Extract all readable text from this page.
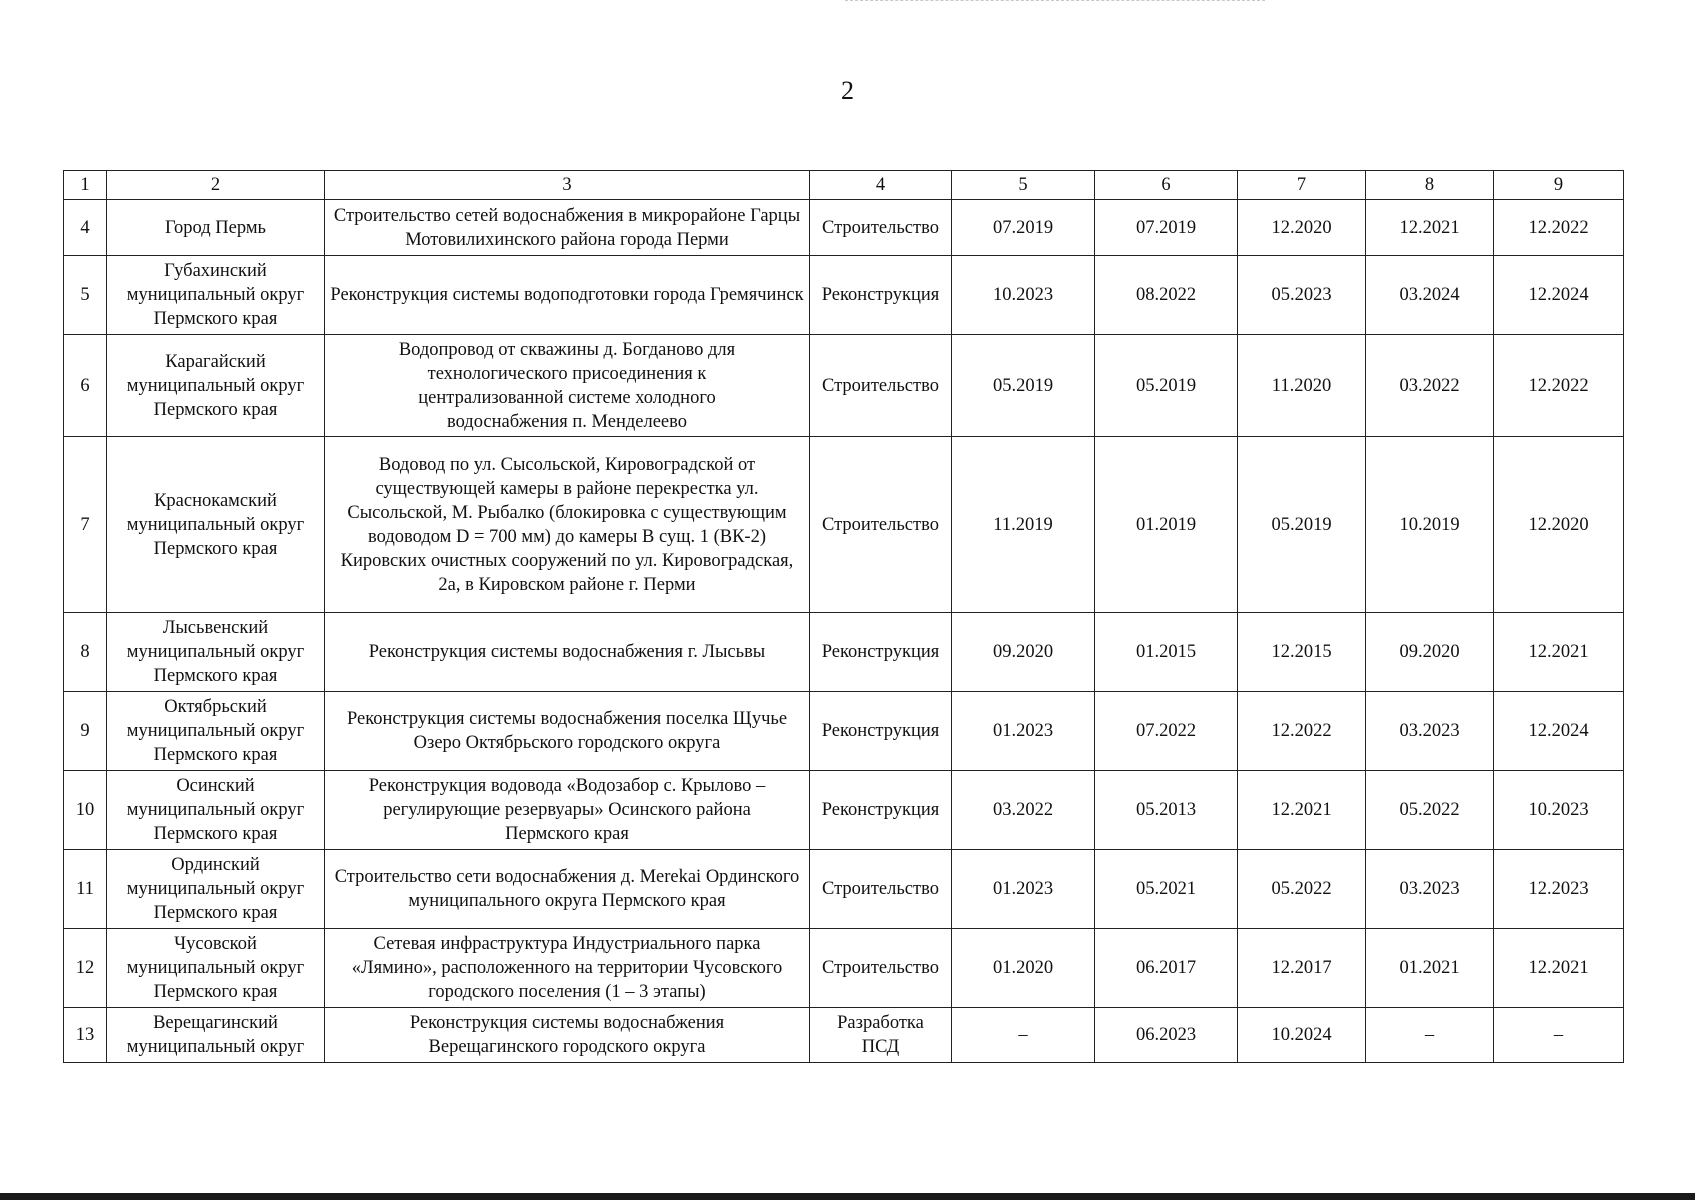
2
1	2	3	4	5	6	7	8	9
4	Город Пермь	Строительство сетей водоснабжения в микрорайоне Гарцы Мотовилихинского района города Перми	Строительство	07.2019	07.2019	12.2020	12.2021	12.2022
5	Губахинский муниципальный округ Пермского края	Реконструкция системы водоподготовки города Гремячинск	Реконструкция	10.2023	08.2022	05.2023	03.2024	12.2024
6	Карагайский муниципальный округ Пермского края	Водопровод от скважины д. Богданово для технологического присоединения к централизованной системе холодного водоснабжения п. Менделеево	Строительство	05.2019	05.2019	11.2020	03.2022	12.2022
7	Краснокамский муниципальный округ Пермского края	Водовод по ул. Сысольской, Кировоградской от существующей камеры в районе перекрестка ул. Сысольской, М. Рыбалко (блокировка с существующим водоводом D = 700 мм) до камеры В сущ. 1 (ВК-2) Кировских очистных сооружений по ул. Кировоградская, 2а, в Кировском районе г. Перми	Строительство	11.2019	01.2019	05.2019	10.2019	12.2020
8	Лысьвенский муниципальный округ Пермского края	Реконструкция системы водоснабжения г. Лысьвы	Реконструкция	09.2020	01.2015	12.2015	09.2020	12.2021
9	Октябрьский муниципальный округ Пермского края	Реконструкция системы водоснабжения поселка Щучье Озеро Октябрьского городского округа	Реконструкция	01.2023	07.2022	12.2022	03.2023	12.2024
10	Осинский муниципальный округ Пермского края	Реконструкция водовода «Водозабор с. Крылово – регулирующие резервуары» Осинского района Пермского края	Реконструкция	03.2022	05.2013	12.2021	05.2022	10.2023
11	Ординский муниципальный округ Пермского края	Строительство сети водоснабжения д. Merekai Ординского муниципального округа Пермского края	Строительство	01.2023	05.2021	05.2022	03.2023	12.2023
12	Чусовской муниципальный округ Пермского края	Сетевая инфраструктура Индустриального парка «Лямино», расположенного на территории Чусовского городского поселения (1 – 3 этапы)	Строительство	01.2020	06.2017	12.2017	01.2021	12.2021
13	Верещагинский муниципальный округ	Реконструкция системы водоснабжения Верещагинского городского округа	Разработка ПСД	–	06.2023	10.2024	–	–
